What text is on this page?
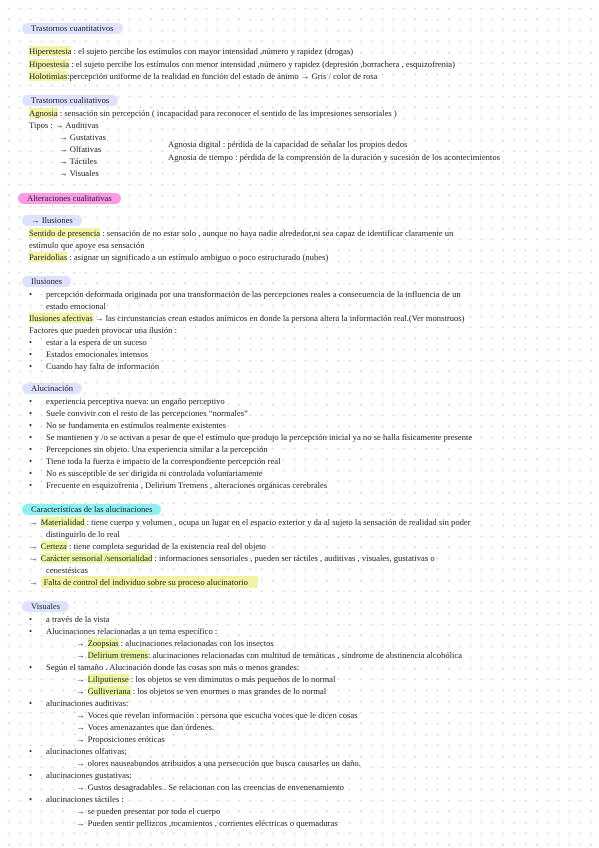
Trastornos cuantitativos
Hiperestesia : el sujeto percibe los estímulos con mayor intensidad ,número y rapidez (drogas)
Hipoestesia : el sujeto percibe los estímulos con menor intensidad ,número y rapidez (depresión ,borrachera , esquizofrenia)
Holotimias:percepción uniforme de la realidad en función del estado de ánimo → Gris / color de rosa
Trastornos cualitativos
Agnosia : sensación sin percepción ( incapacidad para reconocer el sentido de las impresiones sensoriales )
Tipos : → Auditivas
→ Gustativas
→ Olfativas
→ Táctiles
→ Visuales
Agnosia digital : pérdida de la capacidad de señalar los propios dedos
Agnosia de tiempo : pérdida de la comprensión de la duración y sucesión de los acontecimientos
Alteraciones cualitativas
→ Ilusiones
Sentido de presencia : sensación de no estar solo , aunque no haya nadie alrededor,ni sea capaz de identificar claramente un
estímulo que apoye esa sensación
Pareidolias : asignar un significado a un estímulo ambiguo o poco estructurado (nubes)
Ilusiones
• percepción deformada originada por una transformación de las percepciones reales a consecuencia de la influencia de un
estado emocional
Ilusiones afectivas → las circunstancias crean estados anímicos en donde la persona altera la información real.(Ver monstruos)
Factores que pueden provocar una ilusión :
• estar a la espera de un suceso
• Estados emocionales intensos
• Cuando hay falta de información
Alucinación
• experiencia perceptiva nueva: un engaño perceptivo
• Suele convivir con el resto de las percepciones “normales”
• No se fundamenta en estímulos realmente existentes
• Se mantienen y /o se activan a pesar de que el estímulo que produjo la percepción inicial ya no se halla físicamente presente
• Percepciones sin objeto. Una experiencia similar a la percepción
• Tiene toda la fuerza e impacto de la correspondiente percepción real
• No es susceptible de ser dirigida ni controlada voluntariamente
• Frecuente en esquizofrenia , Delirium Tremens , alteraciones orgánicas cerebrales
Características de las alucinaciones
→ Materialidad : tiene cuerpo y volumen , ocupa un lugar en el espacio exterior y da al sujeto la sensación de realidad sin poder
distinguirlo de lo real
→ Certeza : tiene completa seguridad de la existencia real del objeto
→ Carácter sensorial /sensorialidad : informaciones sensoriales , pueden ser táctiles , auditivas , visuales, gustativas o
cenestésicas
→ Falta de control del individuo sobre su proceso alucinatorio
Visuales
• a través de la vista
• Alucinaciones relacionadas a un tema específico :
→ Zoopsias : alucinaciones relacionadas con los insectos
→ Delirium tremens: alucinaciones relacionadas con multitud de temáticas , síndrome de abstinencia alcohólica
• Según el tamaño . Alucinación donde las cosas son más o menos grandes:
→ Liliputiense : los objetos se ven diminutos o más pequeños de lo normal
→ Gulliveriana : los objetos se ven enormes o mas grandes de lo normal
• alucinaciones auditivas:
→ Voces que revelan información : persona que escucha voces que le dicen cosas
→ Voces amenazantes que dan órdenes.
→ Proposiciones eróticas
• alucinaciones olfativas;
→ olores nauseabundos atribuidos a una persecución que busca causarles un daño.
• alucinaciones gustativas:
→ Gustos desagradables . Se relacionan con las creencias de envenenamiento
• alucinaciones táctiles :
→ se pueden presentar por todo el cuerpo
→ Pueden sentir pellizcos ,tocamientos , corrientes eléctricas o quemaduras
